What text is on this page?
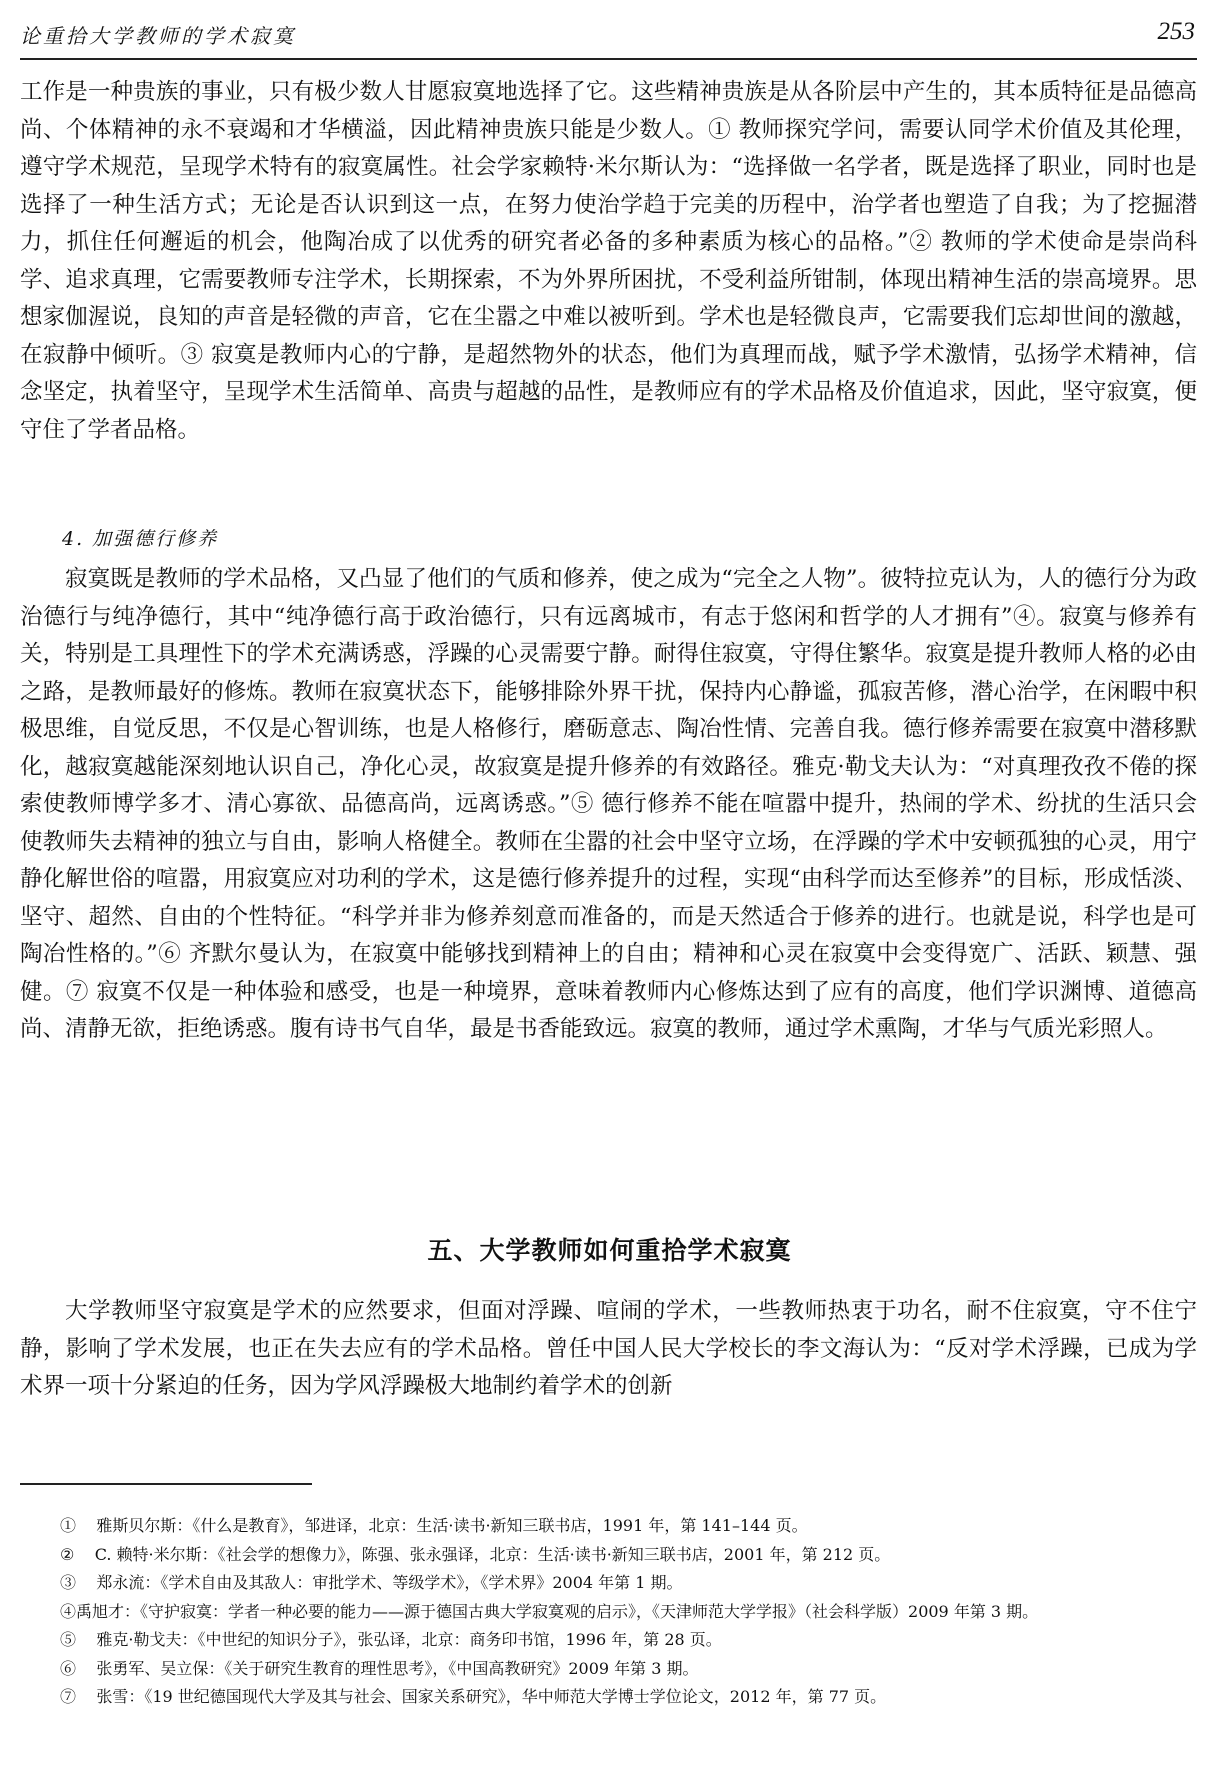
论重拾大学教师的学术寂寞	253

工作是一种贵族的事业，只有极少数人甘愿寂寞地选择了它。这些精神贵族是从各阶层中产生的，其本质特征是品德高尚、个体精神的永不衰竭和才华横溢，因此精神贵族只能是少数人。① 教师探究学问，需要认同学术价值及其伦理，遵守学术规范，呈现学术特有的寂寞属性。社会学家赖特·米尔斯认为：“选择做一名学者，既是选择了职业，同时也是选择了一种生活方式；无论是否认识到这一点，在努力使治学趋于完美的历程中，治学者也塑造了自我；为了挖掘潜力，抓住任何邂逅的机会，他陶冶成了以优秀的研究者必备的多种素质为核心的品格。”② 教师的学术使命是崇尚科学、追求真理，它需要教师专注学术，长期探索，不为外界所困扰，不受利益所钳制，体现出精神生活的崇高境界。思想家伽渥说，良知的声音是轻微的声音，它在尘嚣之中难以被听到。学术也是轻微良声，它需要我们忘却世间的激越，在寂静中倾听。③ 寂寞是教师内心的宁静，是超然物外的状态，他们为真理而战，赋予学术激情，弘扬学术精神，信念坚定，执着坚守，呈现学术生活简单、高贵与超越的品性，是教师应有的学术品格及价值追求，因此，坚守寂寞，便守住了学者品格。

4. 加强德行修养

寂寞既是教师的学术品格，又凸显了他们的气质和修养，使之成为“完全之人物”。彼特拉克认为，人的德行分为政治德行与纯净德行，其中“纯净德行高于政治德行，只有远离城市，有志于悠闲和哲学的人才拥有”④。寂寞与修养有关，特别是工具理性下的学术充满诱惑，浮躁的心灵需要宁静。耐得住寂寞，守得住繁华。寂寞是提升教师人格的必由之路，是教师最好的修炼。教师在寂寞状态下，能够排除外界干扰，保持内心静谧，孤寂苦修，潜心治学，在闲暇中积极思维，自觉反思，不仅是心智训练，也是人格修行，磨砺意志、陶冶性情、完善自我。德行修养需要在寂寞中潜移默化，越寂寞越能深刻地认识自己，净化心灵，故寂寞是提升修养的有效路径。雅克·勒戈夫认为：“对真理孜孜不倦的探索使教师博学多才、清心寡欲、品德高尚，远离诱惑。”⑤ 德行修养不能在喧嚣中提升，热闹的学术、纷扰的生活只会使教师失去精神的独立与自由，影响人格健全。教师在尘嚣的社会中坚守立场，在浮躁的学术中安顿孤独的心灵，用宁静化解世俗的喧嚣，用寂寞应对功利的学术，这是德行修养提升的过程，实现“由科学而达至修养”的目标，形成恬淡、坚守、超然、自由的个性特征。“科学并非为修养刻意而准备的，而是天然适合于修养的进行。也就是说，科学也是可陶冶性格的。”⑥ 齐默尔曼认为，在寂寞中能够找到精神上的自由；精神和心灵在寂寞中会变得宽广、活跃、颖慧、强健。⑦ 寂寞不仅是一种体验和感受，也是一种境界，意味着教师内心修炼达到了应有的高度，他们学识渊博、道德高尚、清静无欲，拒绝诱惑。腹有诗书气自华，最是书香能致远。寂寞的教师，通过学术熏陶，才华与气质光彩照人。

五、大学教师如何重拾学术寂寞

大学教师坚守寂寞是学术的应然要求，但面对浮躁、喧闹的学术，一些教师热衷于功名，耐不住寂寞，守不住宁静，影响了学术发展，也正在失去应有的学术品格。曾任中国人民大学校长的李文海认为：“反对学术浮躁，已成为学术界一项十分紧迫的任务，因为学风浮躁极大地制约着学术的创新

① 雅斯贝尔斯：《什么是教育》，邹进译，北京：生活·读书·新知三联书店，1991 年，第 141–144 页。
② C. 赖特·米尔斯：《社会学的想像力》，陈强、张永强译，北京：生活·读书·新知三联书店，2001 年，第 212 页。
③ 郑永流：《学术自由及其敌人：审批学术、等级学术》，《学术界》2004 年第 1 期。
④禹旭才：《守护寂寞：学者一种必要的能力——源于德国古典大学寂寞观的启示》，《天津师范大学学报》（社会科学版）2009 年第 3 期。
⑤ 雅克·勒戈夫：《中世纪的知识分子》，张弘译，北京：商务印书馆，1996 年，第 28 页。
⑥ 张勇军、吴立保：《关于研究生教育的理性思考》，《中国高教研究》2009 年第 3 期。
⑦ 张雪：《19 世纪德国现代大学及其与社会、国家关系研究》，华中师范大学博士学位论文，2012 年，第 77 页。
